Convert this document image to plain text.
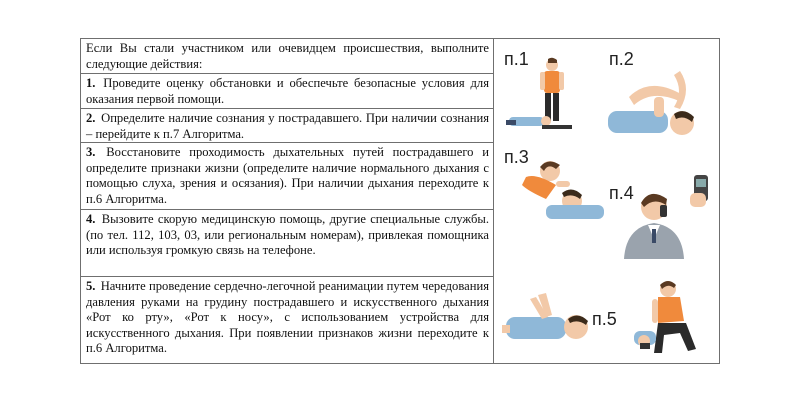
Если Вы стали участником или очевидцем происшествия, выполните следующие действия:
1. Проведите оценку обстановки и обеспечьте безопасные условия для оказания первой помощи.
2. Определите наличие сознания у пострадавшего. При наличии сознания – перейдите к п.7 Алгоритма.
3. Восстановите проходимость дыхательных путей пострадавшего и определите признаки жизни (определите наличие нормального дыхания с помощью слуха, зрения и осязания). При наличии дыхания переходите к п.6 Алгоритма.
4. Вызовите скорую медицинскую помощь, другие специальные службы. (по тел. 112, 103, 03, или региональным номерам), привлекая помощника или используя громкую связь на телефоне.
5. Начните проведение сердечно-легочной реанимации путем чередования давления руками на грудину пострадавшего и искусственного дыхания «Рот ко рту», «Рот к носу», с использованием устройства для искусственного дыхания. При появлении признаков жизни переходите к п.6 Алгоритма.
п.1	п.2
п.3
п.4
п.5
